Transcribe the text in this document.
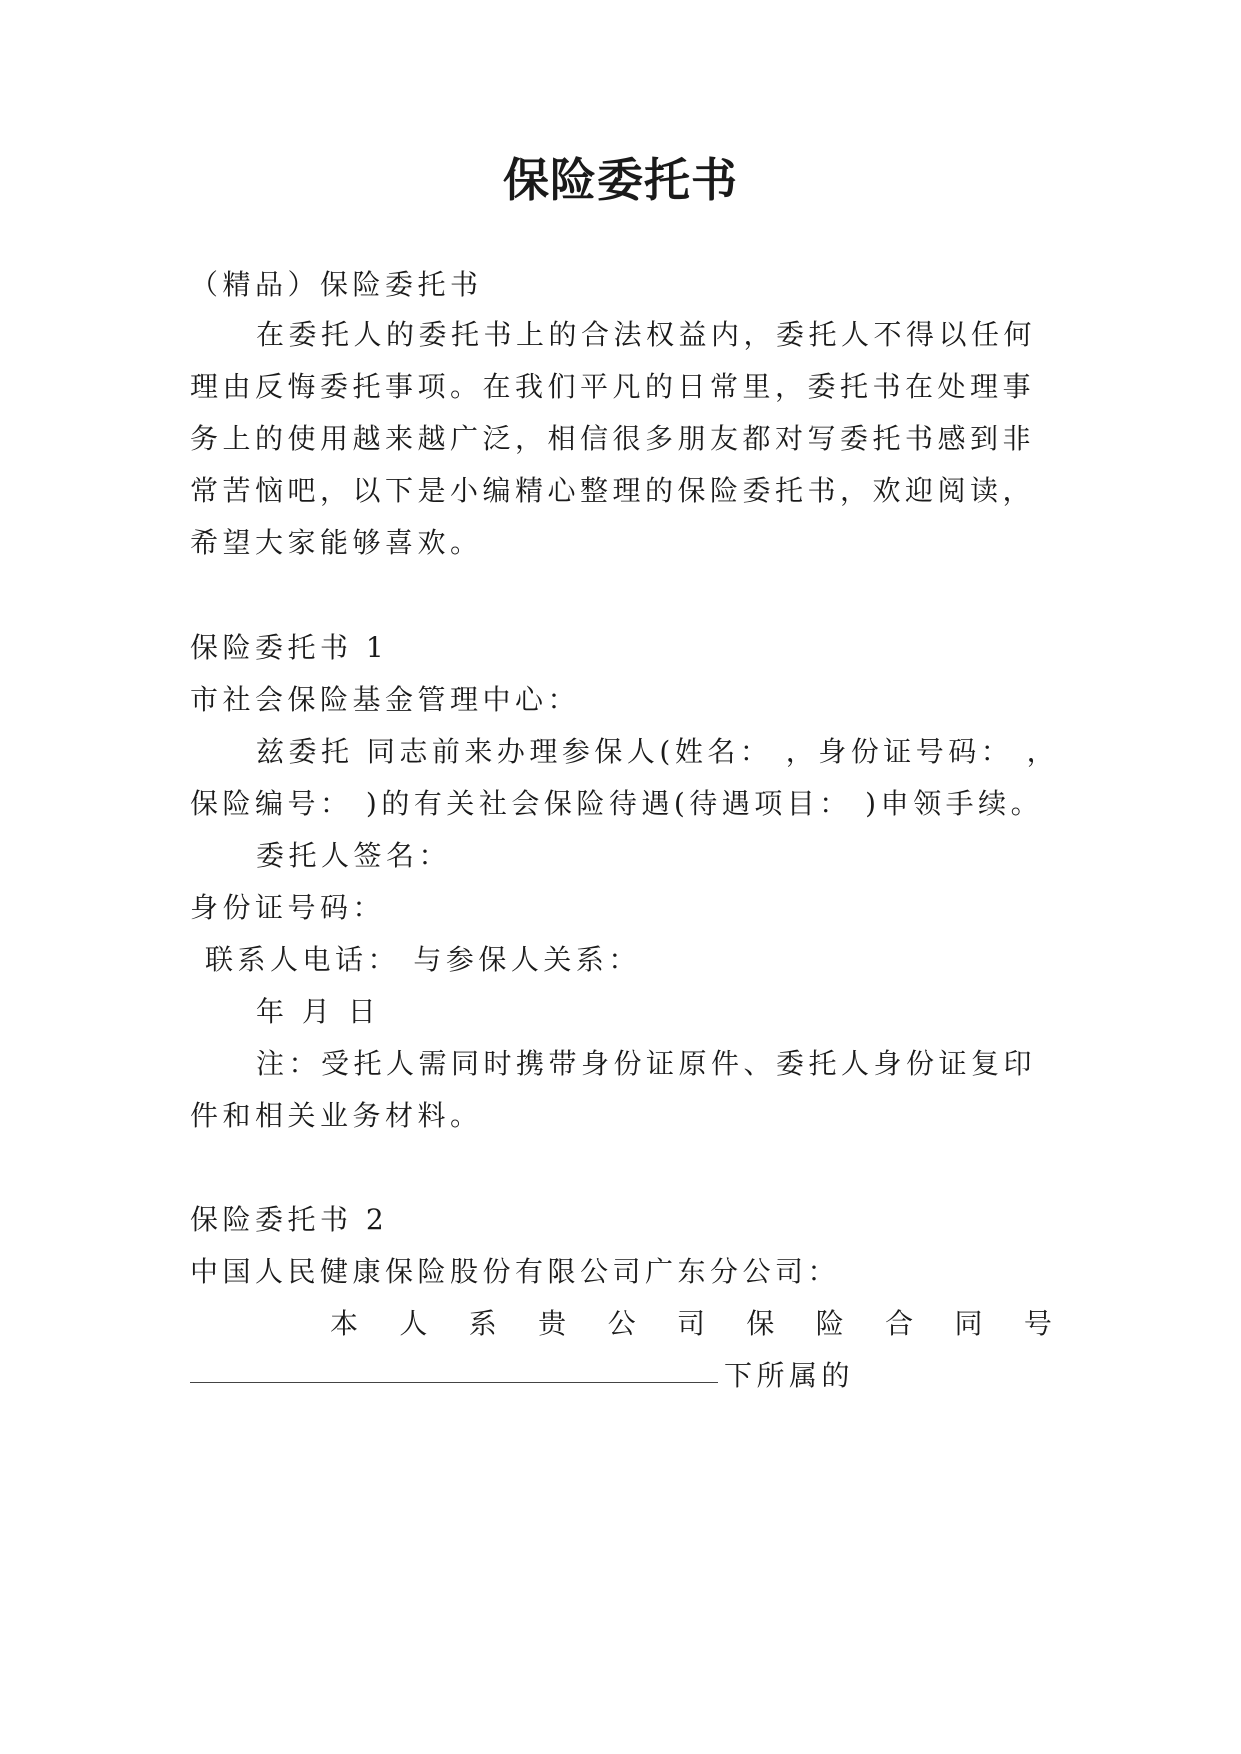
保险委托书
（精品）保险委托书
在委托人的委托书上的合法权益内，委托人不得以任何
理由反悔委托事项。在我们平凡的日常里，委托书在处理事
务上的使用越来越广泛，相信很多朋友都对写委托书感到非
常苦恼吧，以下是小编精心整理的保险委托书，欢迎阅读，
希望大家能够喜欢。
保险委托书 1
市社会保险基金管理中心：
兹委托 同志前来办理参保人(姓名： ，身份证号码： ，
保险编号： )的有关社会保险待遇(待遇项目： )申领手续。
委托人签名：
身份证号码：
联系人电话： 与参保人关系：
年 月 日
注：受托人需同时携带身份证原件、委托人身份证复印
件和相关业务材料。
保险委托书 2
中国人民健康保险股份有限公司广东分公司：
本 人 系 贵 公 司 保 险 合 同 号
下所属的
